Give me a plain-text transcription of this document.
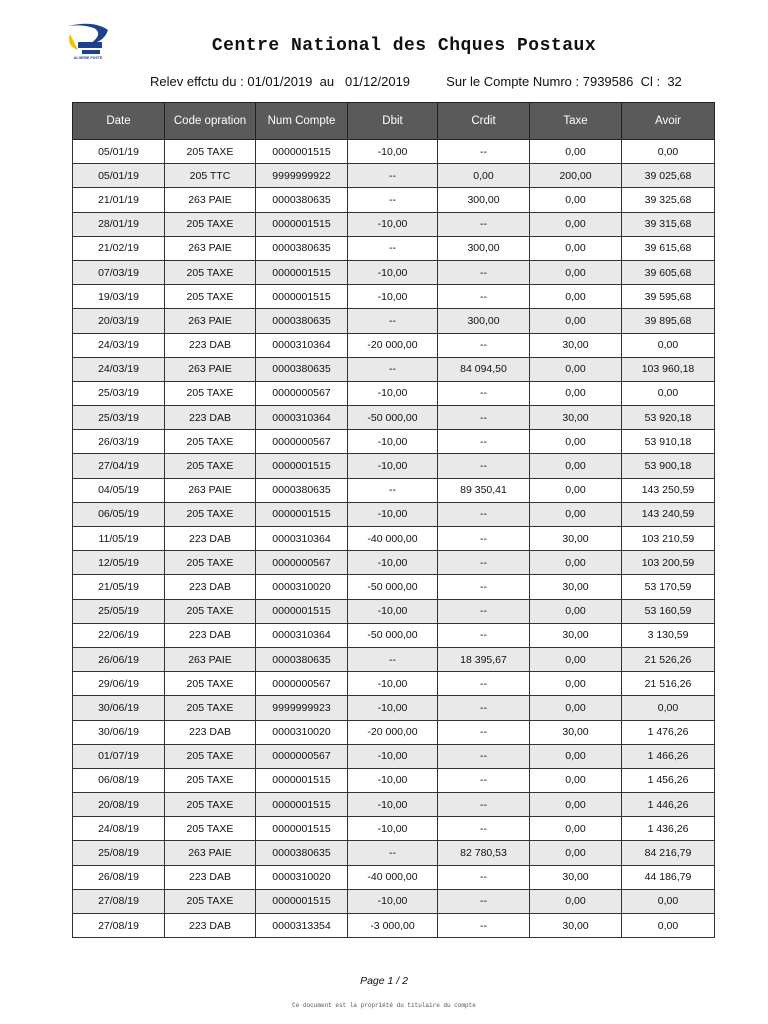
ALGERIE POSTE
Centre National des Chques Postaux
Relev effctu du : 01/01/2019 au 01/12/2019	Sur le Compte Numro : 7939586 Cl : 32
Date	Code opration	Num Compte	Dbit	Crdit	Taxe	Avoir
05/01/19	205 TAXE	0000001515	-10,00	--	0,00	0,00
05/01/19	205 TTC	9999999922	--	0,00	200,00	39 025,68
21/01/19	263 PAIE	0000380635	--	300,00	0,00	39 325,68
28/01/19	205 TAXE	0000001515	-10,00	--	0,00	39 315,68
21/02/19	263 PAIE	0000380635	--	300,00	0,00	39 615,68
07/03/19	205 TAXE	0000001515	-10,00	--	0,00	39 605,68
19/03/19	205 TAXE	0000001515	-10,00	--	0,00	39 595,68
20/03/19	263 PAIE	0000380635	--	300,00	0,00	39 895,68
24/03/19	223 DAB	0000310364	-20 000,00	--	30,00	0,00
24/03/19	263 PAIE	0000380635	--	84 094,50	0,00	103 960,18
25/03/19	205 TAXE	0000000567	-10,00	--	0,00	0,00
25/03/19	223 DAB	0000310364	-50 000,00	--	30,00	53 920,18
26/03/19	205 TAXE	0000000567	-10,00	--	0,00	53 910,18
27/04/19	205 TAXE	0000001515	-10,00	--	0,00	53 900,18
04/05/19	263 PAIE	0000380635	--	89 350,41	0,00	143 250,59
06/05/19	205 TAXE	0000001515	-10,00	--	0,00	143 240,59
11/05/19	223 DAB	0000310364	-40 000,00	--	30,00	103 210,59
12/05/19	205 TAXE	0000000567	-10,00	--	0,00	103 200,59
21/05/19	223 DAB	0000310020	-50 000,00	--	30,00	53 170,59
25/05/19	205 TAXE	0000001515	-10,00	--	0,00	53 160,59
22/06/19	223 DAB	0000310364	-50 000,00	--	30,00	3 130,59
26/06/19	263 PAIE	0000380635	--	18 395,67	0,00	21 526,26
29/06/19	205 TAXE	0000000567	-10,00	--	0,00	21 516,26
30/06/19	205 TAXE	9999999923	-10,00	--	0,00	0,00
30/06/19	223 DAB	0000310020	-20 000,00	--	30,00	1 476,26
01/07/19	205 TAXE	0000000567	-10,00	--	0,00	1 466,26
06/08/19	205 TAXE	0000001515	-10,00	--	0,00	1 456,26
20/08/19	205 TAXE	0000001515	-10,00	--	0,00	1 446,26
24/08/19	205 TAXE	0000001515	-10,00	--	0,00	1 436,26
25/08/19	263 PAIE	0000380635	--	82 780,53	0,00	84 216,79
26/08/19	223 DAB	0000310020	-40 000,00	--	30,00	44 186,79
27/08/19	205 TAXE	0000001515	-10,00	--	0,00	0,00
27/08/19	223 DAB	0000313354	-3 000,00	--	30,00	0,00
Page 1 / 2
Ce document est la propriété du titulaire du compte
